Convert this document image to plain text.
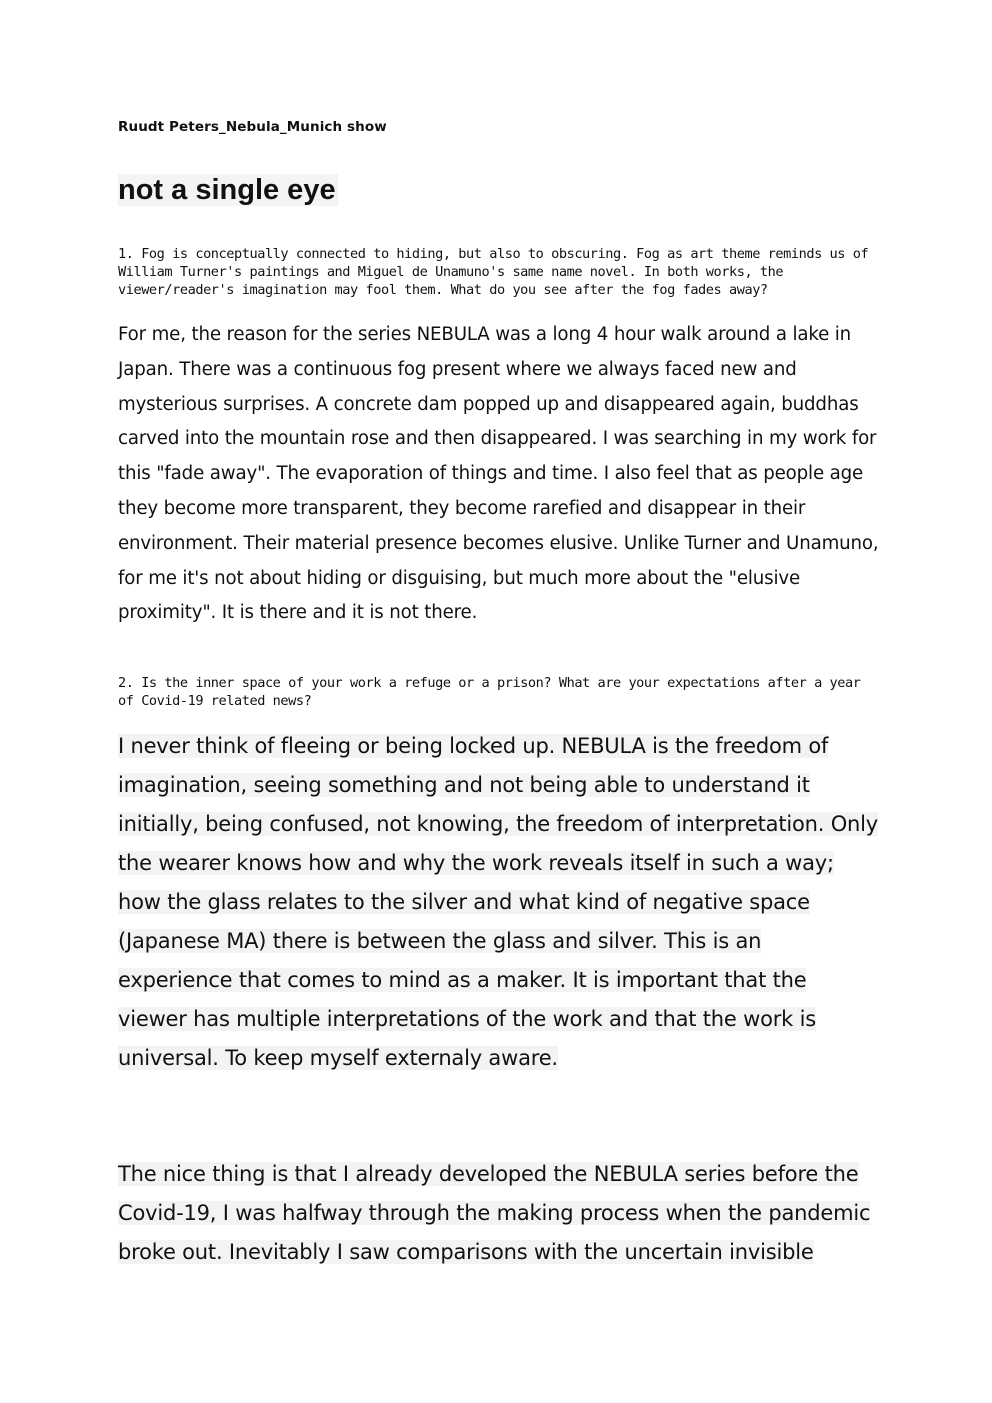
Ruudt Peters_Nebula_Munich show

not a single eye

1. Fog is conceptually connected to hiding, but also to obscuring. Fog as art theme reminds us of William Turner's paintings and Miguel de Unamuno's same name novel. In both works, the viewer/reader's imagination may fool them. What do you see after the fog fades away?

For me, the reason for the series NEBULA was a long 4 hour walk around a lake in Japan. There was a continuous fog present where we always faced new and mysterious surprises. A concrete dam popped up and disappeared again, buddhas carved into the mountain rose and then disappeared. I was searching in my work for this "fade away". The evaporation of things and time. I also feel that as people age they become more transparent, they become rarefied and disappear in their environment. Their material presence becomes elusive. Unlike Turner and Unamuno, for me it's not about hiding or disguising, but much more about the "elusive proximity". It is there and it is not there.

2. Is the inner space of your work a refuge or a prison? What are your expectations after a year of Covid-19 related news?

I never think of fleeing or being locked up. NEBULA is the freedom of imagination, seeing something and not being able to understand it initially, being confused, not knowing, the freedom of interpretation. Only the wearer knows how and why the work reveals itself in such a way; how the glass relates to the silver and what kind of negative space (Japanese MA) there is between the glass and silver. This is an experience that comes to mind as a maker. It is important that the viewer has multiple interpretations of the work and that the work is universal. To keep myself externaly aware.

The nice thing is that I already developed the NEBULA series before the Covid-19, I was halfway through the making process when the pandemic broke out. Inevitably I saw comparisons with the uncertain invisible
